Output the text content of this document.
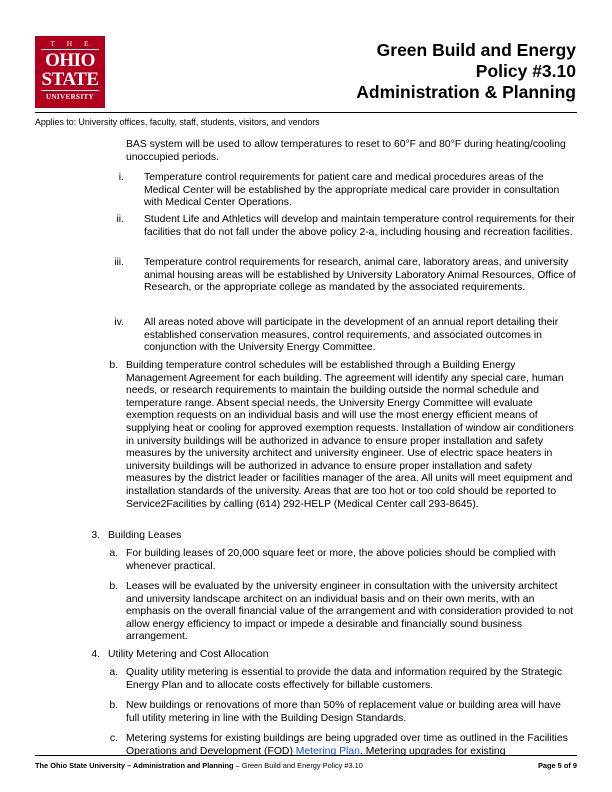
T H E
OHIO
STATE
UNIVERSITY
Green Build and Energy
Policy #3.10
Administration & Planning
Applies to: University offices, faculty, staff, students, visitors, and vendors
BAS system will be used to allow temperatures to reset to 60°F and 80°F during heating/cooling unoccupied periods.
i. Temperature control requirements for patient care and medical procedures areas of the Medical Center will be established by the appropriate medical care provider in consultation with Medical Center Operations.
ii. Student Life and Athletics will develop and maintain temperature control requirements for their facilities that do not fall under the above policy 2-a, including housing and recreation facilities.
iii. Temperature control requirements for research, animal care, laboratory areas, and university animal housing areas will be established by University Laboratory Animal Resources, Office of Research, or the appropriate college as mandated by the associated requirements.
iv. All areas noted above will participate in the development of an annual report detailing their established conservation measures, control requirements, and associated outcomes in conjunction with the University Energy Committee.
b. Building temperature control schedules will be established through a Building Energy Management Agreement for each building. The agreement will identify any special care, human needs, or research requirements to maintain the building outside the normal schedule and temperature range. Absent special needs, the University Energy Committee will evaluate exemption requests on an individual basis and will use the most energy efficient means of supplying heat or cooling for approved exemption requests. Installation of window air conditioners in university buildings will be authorized in advance to ensure proper installation and safety measures by the university architect and university engineer. Use of electric space heaters in university buildings will be authorized in advance to ensure proper installation and safety measures by the district leader or facilities manager of the area. All units will meet equipment and installation standards of the university. Areas that are too hot or too cold should be reported to Service2Facilities by calling (614) 292-HELP (Medical Center call 293-8645).
3. Building Leases
a. For building leases of 20,000 square feet or more, the above policies should be complied with whenever practical.
b. Leases will be evaluated by the university engineer in consultation with the university architect and university landscape architect on an individual basis and on their own merits, with an emphasis on the overall financial value of the arrangement and with consideration provided to not allow energy efficiency to impact or impede a desirable and financially sound business arrangement.
4. Utility Metering and Cost Allocation
a. Quality utility metering is essential to provide the data and information required by the Strategic Energy Plan and to allocate costs effectively for billable customers.
b. New buildings or renovations of more than 50% of replacement value or building area will have full utility metering in line with the Building Design Standards.
c. Metering systems for existing buildings are being upgraded over time as outlined in the Facilities Operations and Development (FOD) Metering Plan. Metering upgrades for existing
The Ohio State University – Administration and Planning – Green Build and Energy Policy #3.10	Page 5 of 9
